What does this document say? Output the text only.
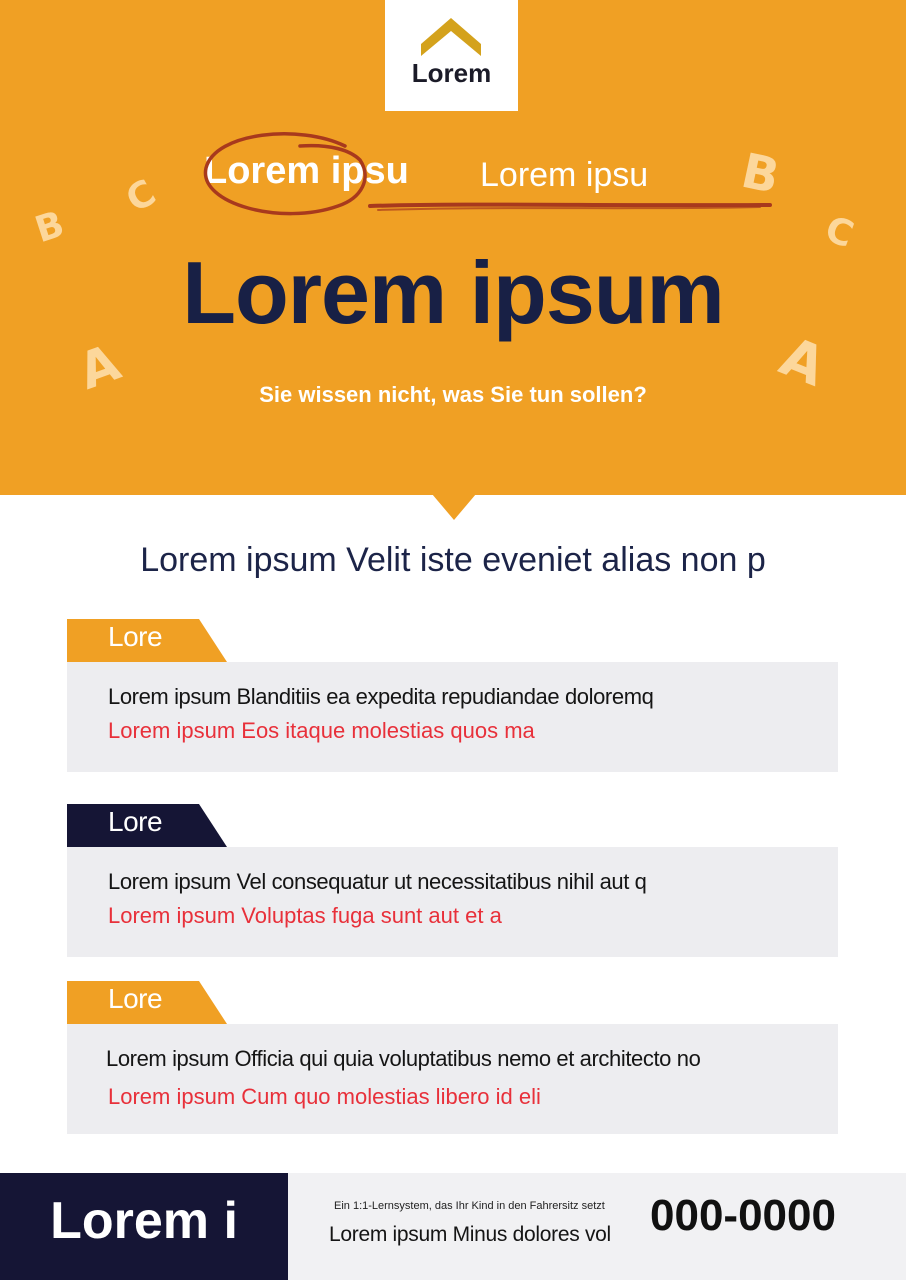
B
C
A
B
C
A
Lorem
Lorem ipsu Lorem ipsu
Lorem ipsum
Sie wissen nicht, was Sie tun sollen?
Lorem ipsum Velit iste eveniet alias non p
Lore
Lorem ipsum Blanditiis ea expedita repudiandae doloremq
Lorem ipsum Eos itaque molestias quos ma
Lore
Lorem ipsum Vel consequatur ut necessitatibus nihil aut q
Lorem ipsum Voluptas fuga sunt aut et a
Lore
Lorem ipsum Officia qui quia voluptatibus nemo et architecto no
Lorem ipsum Cum quo molestias libero id eli
Lorem i	Ein 1:1-Lernsystem, das Ihr Kind in den Fahrersitz setzt
Lorem ipsum Minus dolores vol 000-0000
